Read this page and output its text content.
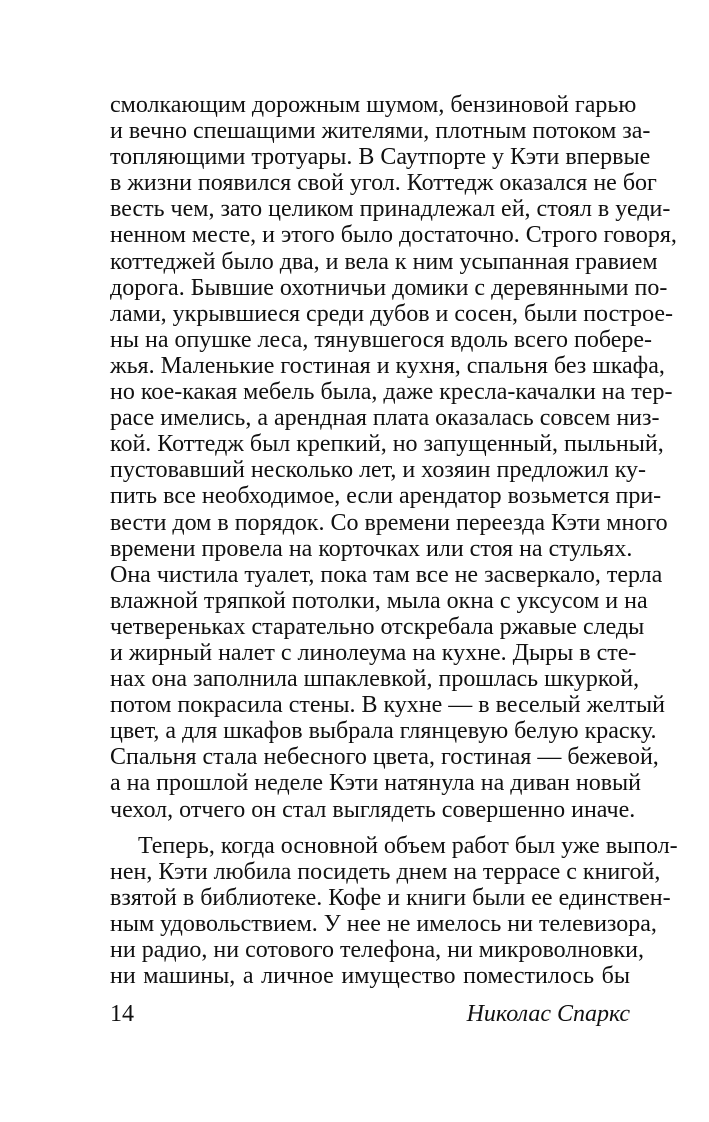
смолкающим дорожным шумом, бензиновой гарью
и вечно спешащими жителями, плотным потоком за-
топляющими тротуары. В Саутпорте у Кэти впервые
в жизни появился свой угол. Коттедж оказался не бог
весть чем, зато целиком принадлежал ей, стоял в уеди-
ненном месте, и этого было достаточно. Строго говоря,
коттеджей было два, и вела к ним усыпанная гравием
дорога. Бывшие охотничьи домики с деревянными по-
лами, укрывшиеся среди дубов и сосен, были построе-
ны на опушке леса, тянувшегося вдоль всего побере-
жья. Маленькие гостиная и кухня, спальня без шкафа,
но кое-какая мебель была, даже кресла-качалки на тер-
расе имелись, а арендная плата оказалась совсем низ-
кой. Коттедж был крепкий, но запущенный, пыльный,
пустовавший несколько лет, и хозяин предложил ку-
пить все необходимое, если арендатор возьмется при-
вести дом в порядок. Со времени переезда Кэти много
времени провела на корточках или стоя на стульях.
Она чистила туалет, пока там все не засверкало, терла
влажной тряпкой потолки, мыла окна с уксусом и на
четвереньках старательно отскребала ржавые следы
и жирный налет с линолеума на кухне. Дыры в сте-
нах она заполнила шпаклевкой, прошлась шкуркой,
потом покрасила стены. В кухне — в веселый желтый
цвет, а для шкафов выбрала глянцевую белую краску.
Спальня стала небесного цвета, гостиная — бежевой,
а на прошлой неделе Кэти натянула на диван новый
чехол, отчего он стал выглядеть совершенно иначе.
Теперь, когда основной объем работ был уже выпол-
нен, Кэти любила посидеть днем на террасе с книгой,
взятой в библиотеке. Кофе и книги были ее единствен-
ным удовольствием. У нее не имелось ни телевизора,
ни радио, ни сотового телефона, ни микроволновки,
ни машины, а личное имущество поместилось бы
14	Николас Спаркс
